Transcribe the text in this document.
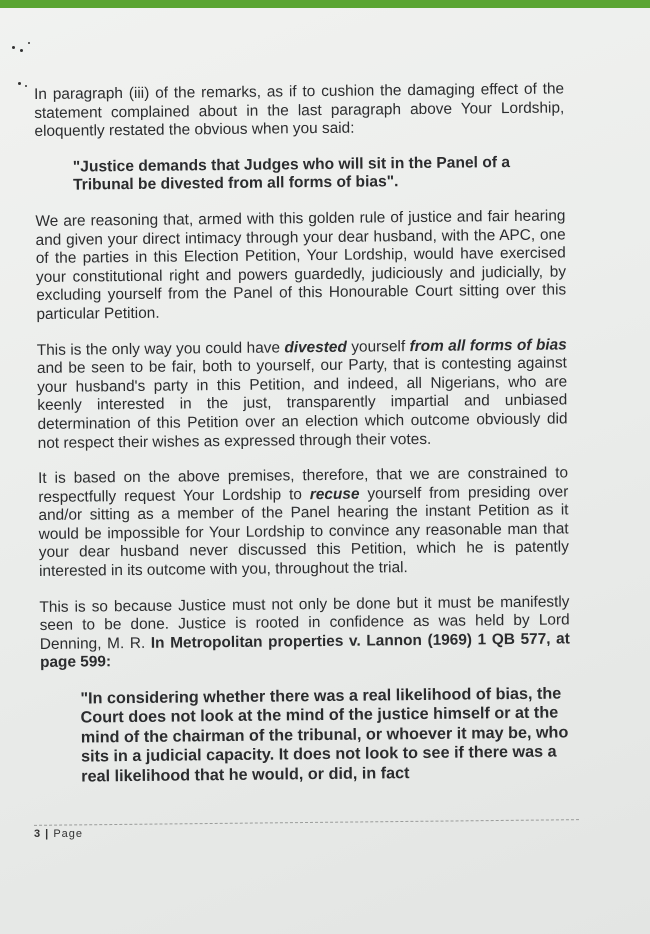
In paragraph (iii) of the remarks, as if to cushion the damaging effect of the statement complained about in the last paragraph above Your Lordship, eloquently restated the obvious when you said:

"Justice demands that Judges who will sit in the Panel of a Tribunal be divested from all forms of bias".

We are reasoning that, armed with this golden rule of justice and fair hearing and given your direct intimacy through your dear husband, with the APC, one of the parties in this Election Petition, Your Lordship, would have exercised your constitutional right and powers guardedly, judiciously and judicially, by excluding yourself from the Panel of this Honourable Court sitting over this particular Petition.

This is the only way you could have divested yourself from all forms of bias and be seen to be fair, both to yourself, our Party, that is contesting against your husband's party in this Petition, and indeed, all Nigerians, who are keenly interested in the just, transparently impartial and unbiased determination of this Petition over an election which outcome obviously did not respect their wishes as expressed through their votes.

It is based on the above premises, therefore, that we are constrained to respectfully request Your Lordship to recuse yourself from presiding over and/or sitting as a member of the Panel hearing the instant Petition as it would be impossible for Your Lordship to convince any reasonable man that your dear husband never discussed this Petition, which he is patently interested in its outcome with you, throughout the trial.

This is so because Justice must not only be done but it must be manifestly seen to be done. Justice is rooted in confidence as was held by Lord Denning, M. R. In Metropolitan properties v. Lannon (1969) 1 QB 577, at page 599:

"In considering whether there was a real likelihood of bias, the Court does not look at the mind of the justice himself or at the mind of the chairman of the tribunal, or whoever it may be, who sits in a judicial capacity. It does not look to see if there was a real likelihood that he would, or did, in fact

3 | Page
